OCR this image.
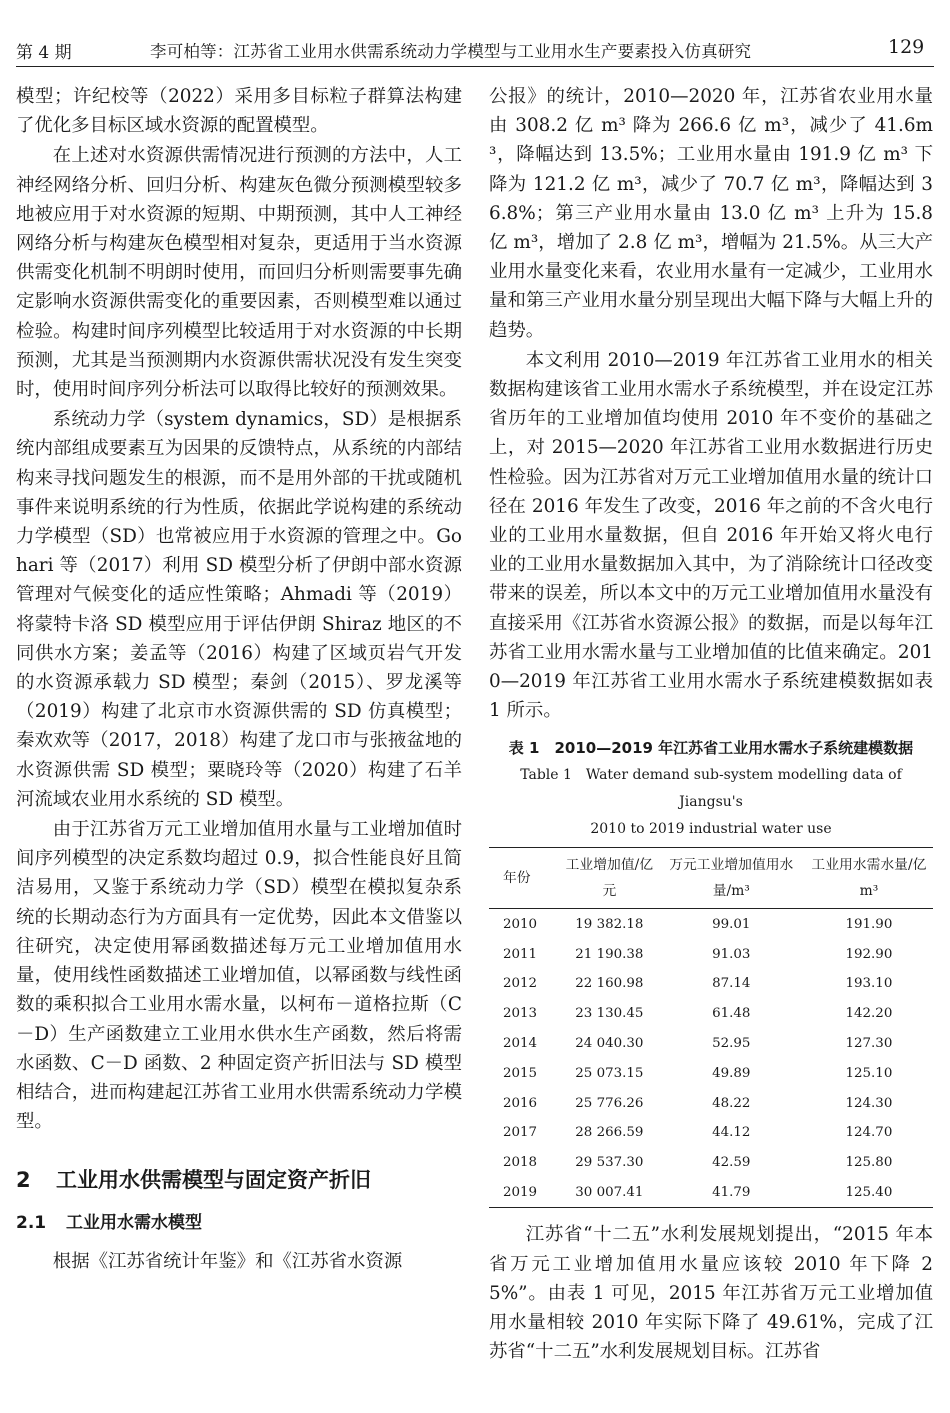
第 4 期	李可柏等：江苏省工业用水供需系统动力学模型与工业用水生产要素投入仿真研究	129

模型；许纪校等（2022）采用多目标粒子群算法构建了优化多目标区域水资源的配置模型。

在上述对水资源供需情况进行预测的方法中，人工神经网络分析、回归分析、构建灰色微分预测模型较多地被应用于对水资源的短期、中期预测，其中人工神经网络分析与构建灰色模型相对复杂，更适用于当水资源供需变化机制不明朗时使用，而回归分析则需要事先确定影响水资源供需变化的重要因素，否则模型难以通过检验。构建时间序列模型比较适用于对水资源的中长期预测，尤其是当预测期内水资源供需状况没有发生突变时，使用时间序列分析法可以取得比较好的预测效果。

系统动力学（system dynamics，SD）是根据系统内部组成要素互为因果的反馈特点，从系统的内部结构来寻找问题发生的根源，而不是用外部的干扰或随机事件来说明系统的行为性质，依据此学说构建的系统动力学模型（SD）也常被应用于水资源的管理之中。Gohari 等（2017）利用 SD 模型分析了伊朗中部水资源管理对气候变化的适应性策略；Ahmadi 等（2019）将蒙特卡洛 SD 模型应用于评估伊朗 Shiraz 地区的不同供水方案；姜孟等（2016）构建了区域页岩气开发的水资源承载力 SD 模型；秦剑（2015）、罗龙溪等（2019）构建了北京市水资源供需的 SD 仿真模型；秦欢欢等（2017，2018）构建了龙口市与张掖盆地的水资源供需 SD 模型；粟晓玲等（2020）构建了石羊河流域农业用水系统的 SD 模型。

由于江苏省万元工业增加值用水量与工业增加值时间序列模型的决定系数均超过 0.9，拟合性能良好且简洁易用，又鉴于系统动力学（SD）模型在模拟复杂系统的长期动态行为方面具有一定优势，因此本文借鉴以往研究，决定使用幂函数描述每万元工业增加值用水量，使用线性函数描述工业增加值，以幂函数与线性函数的乘积拟合工业用水需水量，以柯布－道格拉斯（C－D）生产函数建立工业用水供水生产函数，然后将需水函数、C－D 函数、2 种固定资产折旧法与 SD 模型相结合，进而构建起江苏省工业用水供需系统动力学模型。

2 工业用水供需模型与固定资产折旧
2.1 工业用水需水模型

根据《江苏省统计年鉴》和《江苏省水资源

公报》的统计，2010—2020 年，江苏省农业用水量由 308.2 亿 m³ 降为 266.6 亿 m³，减少了 41.6m³，降幅达到 13.5%；工业用水量由 191.9 亿 m³ 下降为 121.2 亿 m³，减少了 70.7 亿 m³，降幅达到 36.8%；第三产业用水量由 13.0 亿 m³ 上升为 15.8 亿 m³，增加了 2.8 亿 m³，增幅为 21.5%。从三大产业用水量变化来看，农业用水量有一定减少，工业用水量和第三产业用水量分别呈现出大幅下降与大幅上升的趋势。

本文利用 2010—2019 年江苏省工业用水的相关数据构建该省工业用水需水子系统模型，并在设定江苏省历年的工业增加值均使用 2010 年不变价的基础之上，对 2015—2020 年江苏省工业用水数据进行历史性检验。因为江苏省对万元工业增加值用水量的统计口径在 2016 年发生了改变，2016 年之前的不含火电行业的工业用水量数据，但自 2016 年开始又将火电行业的工业用水量数据加入其中，为了消除统计口径改变带来的误差，所以本文中的万元工业增加值用水量没有直接采用《江苏省水资源公报》的数据，而是以每年江苏省工业用水需水量与工业增加值的比值来确定。2010—2019 年江苏省工业用水需水子系统建模数据如表 1 所示。

表 1　2010—2019 年江苏省工业用水需水子系统建模数据
Table 1　Water demand sub-system modelling data of Jiangsu's
2010 to 2019 industrial water use
年份	工业增加值/亿元	万元工业增加值用水量/m³	工业用水需水量/亿 m³
2010	19 382.18	99.01	191.90
2011	21 190.38	91.03	192.90
2012	22 160.98	87.14	193.10
2013	23 130.45	61.48	142.20
2014	24 040.30	52.95	127.30
2015	25 073.15	49.89	125.10
2016	25 776.26	48.22	124.30
2017	28 266.59	44.12	124.70
2018	29 537.30	42.59	125.80
2019	30 007.41	41.79	125.40

江苏省“十二五”水利发展规划提出，“2015 年本省万元工业增加值用水量应该较 2010 年下降 25%”。由表 1 可见，2015 年江苏省万元工业增加值用水量相较 2010 年实际下降了 49.61%，完成了江苏省“十二五”水利发展规划目标。江苏省
